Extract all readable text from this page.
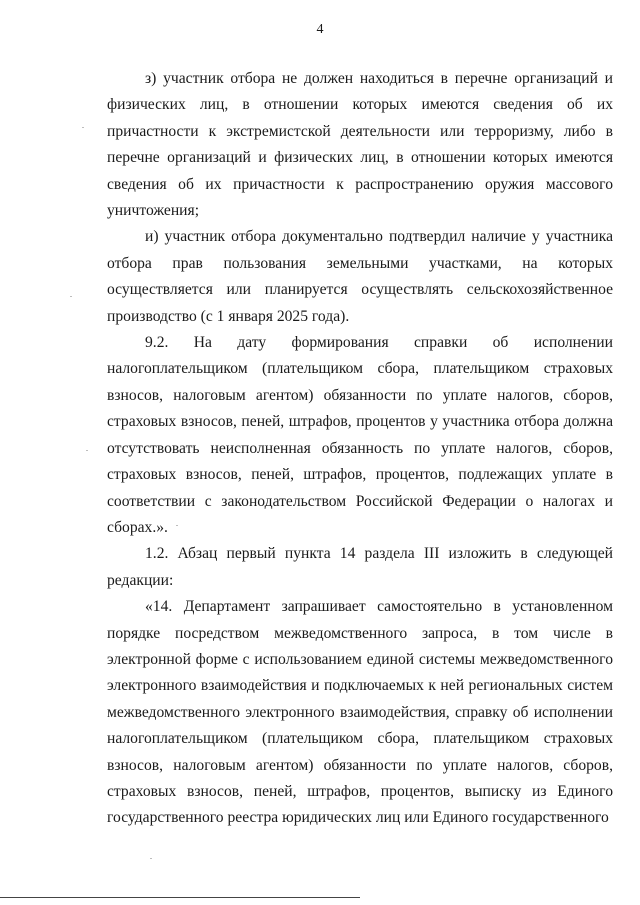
4

з) участник отбора не должен находиться в перечне организаций и физических лиц, в отношении которых имеются сведения об их причастности к экстремистской деятельности или терроризму, либо в перечне организаций и физических лиц, в отношении которых имеются сведения об их причастности к распространению оружия массового уничтожения;

и) участник отбора документально подтвердил наличие у участника отбора прав пользования земельными участками, на которых осуществляется или планируется осуществлять сельскохозяйственное производство (с 1 января 2025 года).

9.2. На дату формирования справки об исполнении налогоплательщиком (плательщиком сбора, плательщиком страховых взносов, налоговым агентом) обязанности по уплате налогов, сборов, страховых взносов, пеней, штрафов, процентов у участника отбора должна отсутствовать неисполненная обязанность по уплате налогов, сборов, страховых взносов, пеней, штрафов, процентов, подлежащих уплате в соответствии с законодательством Российской Федерации о налогах и сборах.».

1.2. Абзац первый пункта 14 раздела III изложить в следующей редакции:

«14. Департамент запрашивает самостоятельно в установленном порядке посредством межведомственного запроса, в том числе в электронной форме с использованием единой системы межведомственного электронного взаимодействия и подключаемых к ней региональных систем межведомственного электронного взаимодействия, справку об исполнении налогоплательщиком (плательщиком сбора, плательщиком страховых взносов, налоговым агентом) обязанности по уплате налогов, сборов, страховых взносов, пеней, штрафов, процентов, выписку из Единого государственного реестра юридических лиц или Единого государственного
